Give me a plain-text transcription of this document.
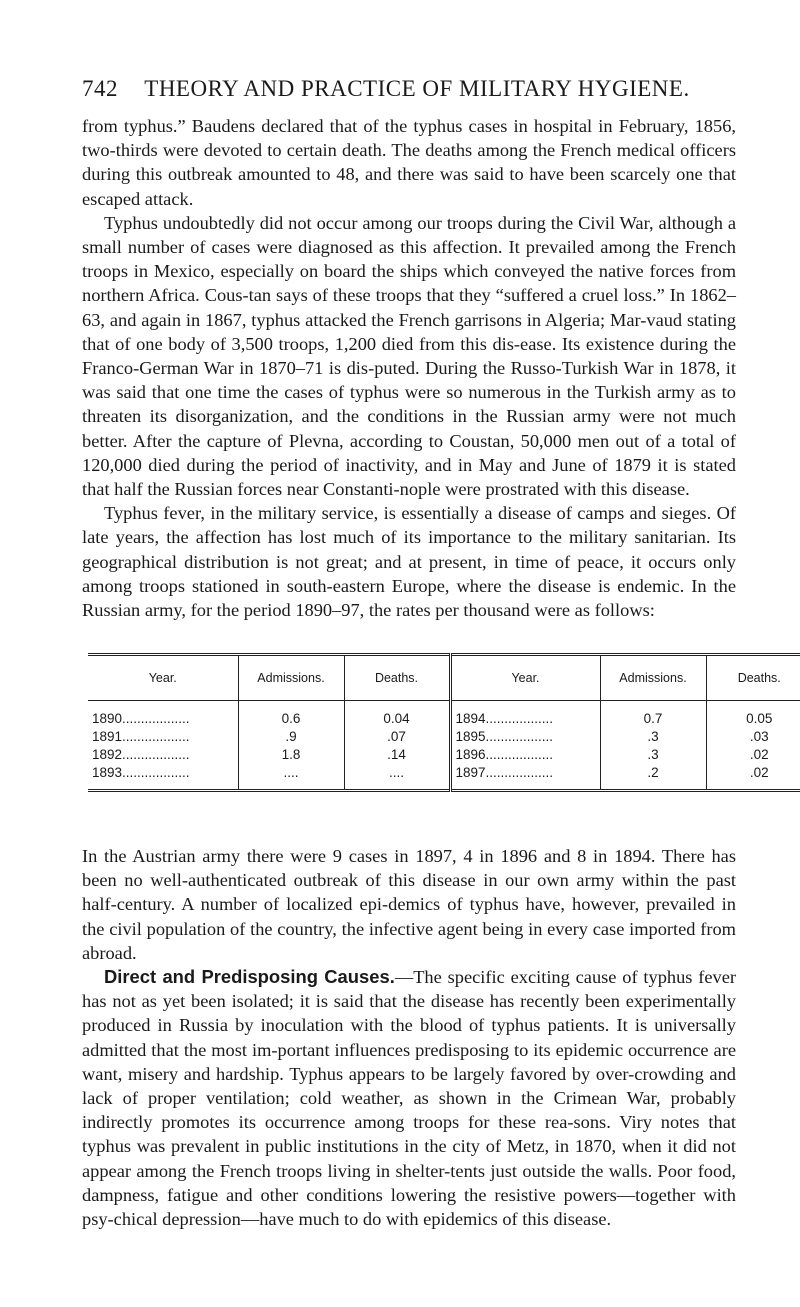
742	THEORY AND PRACTICE OF MILITARY HYGIENE.

from typhus.” Baudens declared that of the typhus cases in hospital in February, 1856, two-thirds were devoted to certain death. The deaths among the French medical officers during this outbreak amounted to 48, and there was said to have been scarcely one that escaped attack.

Typhus undoubtedly did not occur among our troops during the Civil War, although a small number of cases were diagnosed as this affection. It prevailed among the French troops in Mexico, especially on board the ships which conveyed the native forces from northern Africa. Cous-tan says of these troops that they “suffered a cruel loss.” In 1862–63, and again in 1867, typhus attacked the French garrisons in Algeria; Mar-vaud stating that of one body of 3,500 troops, 1,200 died from this dis-ease. Its existence during the Franco-German War in 1870–71 is dis-puted. During the Russo-Turkish War in 1878, it was said that one time the cases of typhus were so numerous in the Turkish army as to threaten its disorganization, and the conditions in the Russian army were not much better. After the capture of Plevna, according to Coustan, 50,000 men out of a total of 120,000 died during the period of inactivity, and in May and June of 1879 it is stated that half the Russian forces near Constanti-nople were prostrated with this disease.

Typhus fever, in the military service, is essentially a disease of camps and sieges. Of late years, the affection has lost much of its importance to the military sanitarian. Its geographical distribution is not great; and at present, in time of peace, it occurs only among troops stationed in south-eastern Europe, where the disease is endemic. In the Russian army, for the period 1890–97, the rates per thousand were as follows:

Year.	Admissions.	Deaths.	Year.	Admissions.	Deaths.
1890..................	0.6	0.04	1894..................	0.7	0.05
1891..................	.9	.07	1895..................	.3	.03
1892..................	1.8	.14	1896..................	.3	.02
1893..................	....	....	1897..................	.2	.02

In the Austrian army there were 9 cases in 1897, 4 in 1896 and 8 in 1894. There has been no well-authenticated outbreak of this disease in our own army within the past half-century. A number of localized epi-demics of typhus have, however, prevailed in the civil population of the country, the infective agent being in every case imported from abroad.

Direct and Predisposing Causes.—The specific exciting cause of typhus fever has not as yet been isolated; it is said that the disease has recently been experimentally produced in Russia by inoculation with the blood of typhus patients. It is universally admitted that the most im-portant influences predisposing to its epidemic occurrence are want, misery and hardship. Typhus appears to be largely favored by over-crowding and lack of proper ventilation; cold weather, as shown in the Crimean War, probably indirectly promotes its occurrence among troops for these rea-sons. Viry notes that typhus was prevalent in public institutions in the city of Metz, in 1870, when it did not appear among the French troops living in shelter-tents just outside the walls. Poor food, dampness, fatigue and other conditions lowering the resistive powers—together with psy-chical depression—have much to do with epidemics of this disease.
